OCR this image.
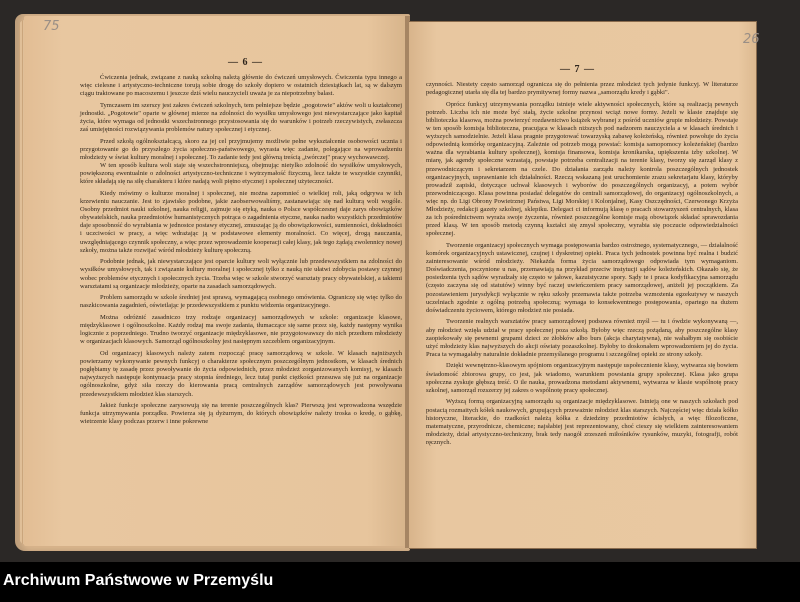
75
26
— 6 —
— 7 —

Ćwiczenia jednak, związane z nauką szkolną należą głównie do ćwiczeń umysłowych. Ćwiczenia typu innego a więc cielesne i artystyczno-techniczne torują sobie drogę do szkoły dopiero w ostatnich dziesiątkach lat, są w dalszym ciągu traktowane po macoszemu i jeszcze dziś wielu nauczycieli uważa je za niepotrzebny balast.

Tymczasem im szerszy jest zakres ćwiczeń szkolnych, tem pełniejsze będzie „pogotowie" aktów woli u kształconej jednostki. „Pogotowie" oparte w głównej mierze na zdolności do wysiłku umysłowego jest niewystarczające jako kapitał życia, które wymaga od jednostki wszechstronnego przystosowania się do warunków i potrzeb rzeczywistych, zwłaszcza zaś umiejętności rozwiązywania problemów natury społecznej i etycznej.

Przed szkołą ogólnokształcącą, skoro za jej cel przyjmujemy możliwie pełne wykształcenie osobowości ucznia i przygotowanie go do przyszłego życia społeczno-państwowego, wyrasta więc zadanie, polegające na wprowadzeniu młodzieży w świat kultury moralnej i społecznej. To zadanie tedy jest główną treścią „twórczej" pracy wychowawczej.

W ten sposób kultura woli staje się wszechstronniejszą, obejmując nietylko zdolność do wysiłków umysłowych, powiększoną ewentualnie o zdolności artystyczno-techniczne i wytrzymałość fizyczną, lecz także te wszystkie czynniki, które składają się na siłę charakteru i które nadają woli piętno etycznej i społecznej użyteczności.

Kiedy mówimy o kulturze moralnej i społecznej, nie można zapomnieć o wielkiej roli, jaką odgrywa w ich krzewieniu nauczanie. Jest to zjawisko podobne, jakie zaobserwowaliśmy, zastanawiając się nad kulturą woli wogóle. Osobny przedmiot nauki szkolnej, nauka religji, zajmuje się etyką, nauka o Polsce współczesnej daje zarys obowiązków obywatelskich, nauka przedmiotów humanistycznych potrąca o zagadnienia etyczne, nauka nadto wszystkich przedmiotów daje sposobność do wyrabiania w jednostce postawy etycznej, zmuszając ją do obowiązkowości, sumienności, dokładności i uczciwości w pracy, a więc wdrażając ją w podstawowe elementy moralności. Co więcej, drogą nauczania, uwzględniającego czynnik społeczny, a więc przez wprowadzenie kooperacji całej klasy, jak tego żądają zwolennicy nowej szkoły, można także rozwijać wśród młodzieży kulturę społeczną.

Podobnie jednak, jak niewystarczające jest oparcie kultury woli wyłącznie lub przedewszystkiem na zdolności do wysiłków umysłowych, tak i związanie kultury moralnej i społecznej tylko z nauką nie ułatwi zdobycia postawy czynnej wobec problemów etycznych i społecznych życia. Trzeba więc w szkole stworzyć warsztaty pracy obywatelskiej, a takiemi warsztatami są organizacje młodzieży, oparte na zasadach samorządowych.

Problem samorządu w szkole średniej jest sprawą, wymagającą osobnego omówienia. Ograniczę się więc tylko do naszkicowania zagadnień, oświetlając je przedewszystkiem z punktu widzenia organizacyjnego.

Można odróżnić zasadniczo trzy rodzaje organizacyj samorządowych w szkole: organizacje klasowe, międzyklasowe i ogólnoszkolne. Każdy rodzaj ma swoje zadania, tłumaczące się same przez się, każdy następny wynika logicznie z poprzedniego. Trudno tworzyć organizacje międzyklasowe, nie przygotowawszy do nich przedtem młodzieży w organizacjach klasowych. Samorząd ogólnoszkolny jest następnym szczeblem organizacyjnym.

Od organizacyj klasowych należy zatem rozpocząć pracę samorządową w szkole. W klasach najniższych powierzamy wykonywanie pewnych funkcyj o charakterze społecznym poszczególnym jednostkom, w klasach średnich pogłębiamy tę zasadę przez powoływanie do życia odpowiednich, przez młodzież zorganizowanych komisyj, w klasach najwyższych następuje kontynuacja pracy stopnia średniego, lecz tutaj punkt ciężkości przesuwa się już na organizacje ogólnoszkolne, gdyż siła rzeczy do kierowania pracą centralnych zarządów samorządowych jest powoływana przedewszystkiem młodzież klas starszych.

Jakież funkcje społeczne zarysowują się na terenie poszczególnych klas? Pierwszą jest wprowadzona wszędzie funkcja utrzymywania porządku. Powierza się ją dyżurnym, do których obowiązków należy troska o kredę, o gąbkę, wietrzenie klasy podczas przerw i inne pokrewne

czynności. Niestety często samorząd ogranicza się do pełnienia przez młodzież tych jedynie funkcyj. W literaturze pedagogicznej utarła się dla tej bardzo prymitywnej formy nazwa „samorządu kredy i gąbki".

Oprócz funkcyj utrzymywania porządku istnieje wiele aktywności społecznych, które są realizacją pewnych potrzeb. Liczba ich nie może być stałą, życie szkolne przynosi wciąż nowe formy. Jeżeli w klasie znajduje się biblioteczka klasowa, można powierzyć rozdawnictwo książek wybranej z pośród uczniów grupie młodzieży. Powstaje w ten sposób komisja biblioteczna, pracująca w klasach niższych pod nadzorem nauczyciela a w klasach średnich i wyższych samodzielnie. Jeżeli klasa pragnie przygotować towarzyską zabawę koleżeńską, również powołuje do życia odpowiednią komórkę organizacyjną. Zależnie od potrzeb mogą powstać: komisja samopomocy koleżeńskiej (bardzo ważna dla wyrabiania kultury społecznej), komisja finansowa, komisja kronikarska, upiększenia izby szkolnej. W miarę, jak agendy społeczne wzrastają, powstaje potrzeba centralizacji na terenie klasy, tworzy się zarząd klasy z przewodniczącym i sekretarzem na czele. Do działania zarządu należy kontrola poszczególnych jednostek organizacyjnych, usprawnianie ich działalności. Rzeczą wskazaną jest uruchomienie zrazu sekretarjatu klasy, któryby prowadził zapiski, dotyczące uchwał klasowych i wyborów do poszczególnych organizacyj, a potem wybór przewodniczącego. Klasa powinna posiadać delegatów do centrali samorządowej, do organizacyj ogólnoszkolnych, a więc np. do Ligi Obrony Powietrznej Państwa, Ligi Morskiej i Kolonjalnej, Kasy Oszczędności, Czerwonego Krzyża Młodzieży, redakcji gazety szkolnej, sklepiku. Delegaci ci informują klasę o pracach stowarzyszeń centralnych, klasa za ich pośrednictwem wyraża swoje życzenia, również poszczególne komisje mają obowiązek składać sprawozdania przed klasą. W ten sposób metodą czynną kształci się zmysł społeczny, wyrabia się poczucie odpowiedzialności społecznej.

Tworzenie organizacyj społecznych wymaga postępowania bardzo ostrożnego, systematycznego, — działalność komórek organizacyjnych ustawicznej, czujnej i dyskretnej opieki. Praca tych jednostek powinna być realna i budzić zainteresowanie wśród młodzieży. Niekażda forma życia samorządowego odpowiada tym wymaganiom. Doświadczenia, poczynione u nas, przemawiają na przykład przeciw instytucji sądów koleżeńskich. Okazało się, że posiedzenia tych sądów wyradzały się często w jałowe, kazuistyczne spory. Sądy te i praca kodyfikacyjna samorządu (często zaczyna się od statutów) winny być raczej uwieńczeniem pracy samorządowej, aniżeli jej początkiem. Za pozostawieniem jurysdykcji wyłącznie w ręku szkoły przemawia także potrzeba wzmożenia egzekutywy w naszych uczelniach zgodnie z ogólną potrzebą społeczną; wymaga to konsekwentnego postępowania, opartego na dużem doświadczeniu życiowem, którego młodzież nie posiada.

Tworzenie realnych warsztatów pracy samorządowej podsuwa również myśl — tu i ówdzie wykonywaną —, aby młodzież wzięła udział w pracy społecznej poza szkołą. Byłoby więc rzeczą pożądaną, aby poszczególne klasy zaopiekowały się pewnemi grupami dzieci ze żłobków albo burs (akcja charytatywna), nie wahałbym się osobiście użyć młodzieży klas najwyższych do akcji oświaty pozaszkolnej. Byłoby to doskonałem wprowadzeniem jej do życia. Praca ta wymagałaby naturalnie dokładnie przemyślanego programu i szczególnej opieki ze strony szkoły.

Dzięki wewnętrzno-klasowym spójniom organizacyjnym następuje uspołecznienie klasy, wytwarza się bowiem świadomość zbiorowa grupy, co jest, jak wiadomo, warunkiem powstania grupy społecznej. Klasa jako grupa społeczna zyskuje głębszą treść. O ile nauka, prowadzona metodami aktywnemi, wytwarza w klasie wspólnotę pracy szkolnej, samorząd rozszerzy jej zakres o wspólnotę pracy społecznej.

Wyższą formą organizacyjną samorządu są organizacje międzyklasowe. Istnieją one w naszych szkołach pod postacią rozmaitych kółek naukowych, grupujących przeważnie młodzież klas starszych. Najczęściej więc działa kółko historyczne, literackie, do rzadkości należą kółka z dziedziny przedmiotów ścisłych, a więc filozoficzne, matematyczne, przyrodnicze, chemiczne; najsłabiej jest reprezentowany, choć cieszy się wielkiem zainteresowaniem młodzieży, dział artystyczno-techniczny, brak tedy naogół zrzeszeń miłośników rysunków, muzyki, fotografji, robót ręcznych.

Archiwum Państwowe w Przemyślu
